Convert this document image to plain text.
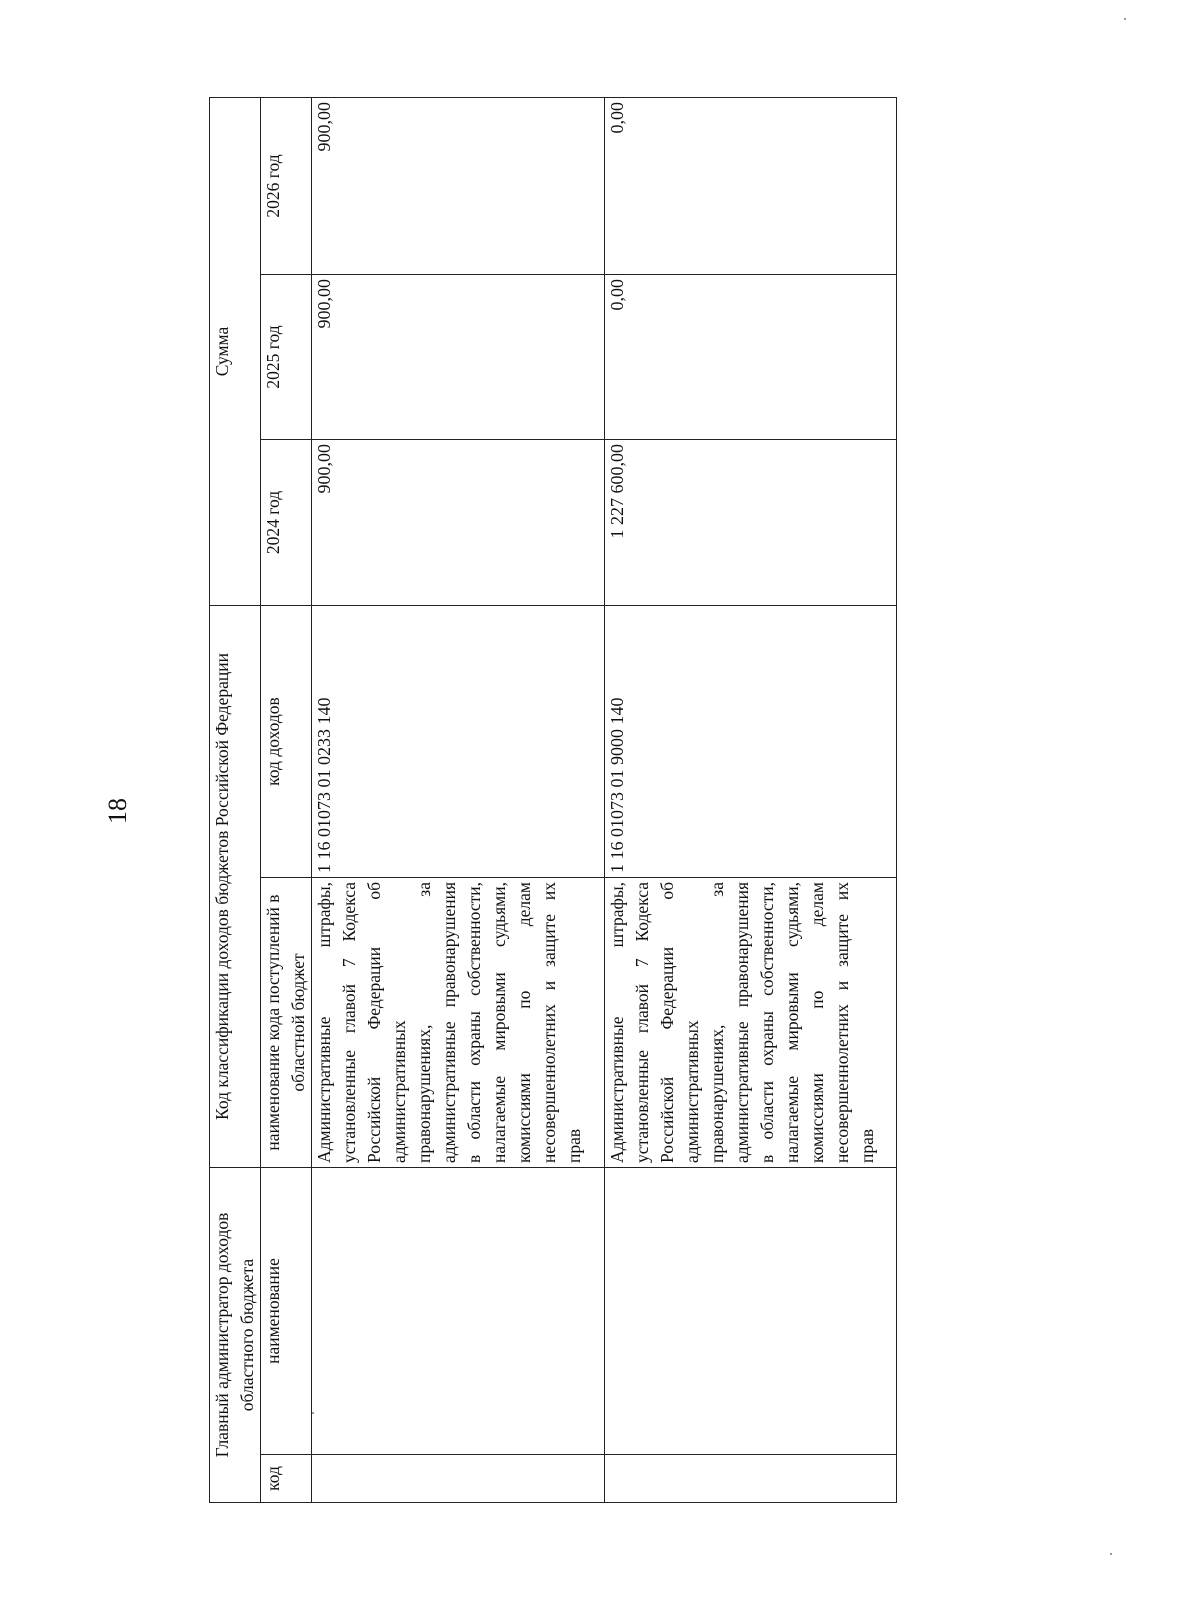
18
Главный администратор доходов областного бюджета		Код классификации доходов бюджетов Российской Федерации		Сумма		
код	наименование	наименование кода поступлений в областной бюджет	код доходов	2024 год	2025 год	2026 год
		Административные штрафы, установленные главой 7 Кодекса Российской Федерации об административных правонарушениях, за административные правонарушения в области охраны собственности, налагаемые мировыми судьями, комиссиями по делам несовершеннолетних и защите их прав	1 16 01073 01 0233 140	900,00	900,00	900,00
		Административные штрафы, установленные главой 7 Кодекса Российской Федерации об административных правонарушениях, за административные правонарушения в области охраны собственности, налагаемые мировыми судьями, комиссиями по делам несовершеннолетних и защите их прав	1 16 01073 01 9000 140	1 227 600,00	0,00	0,00
